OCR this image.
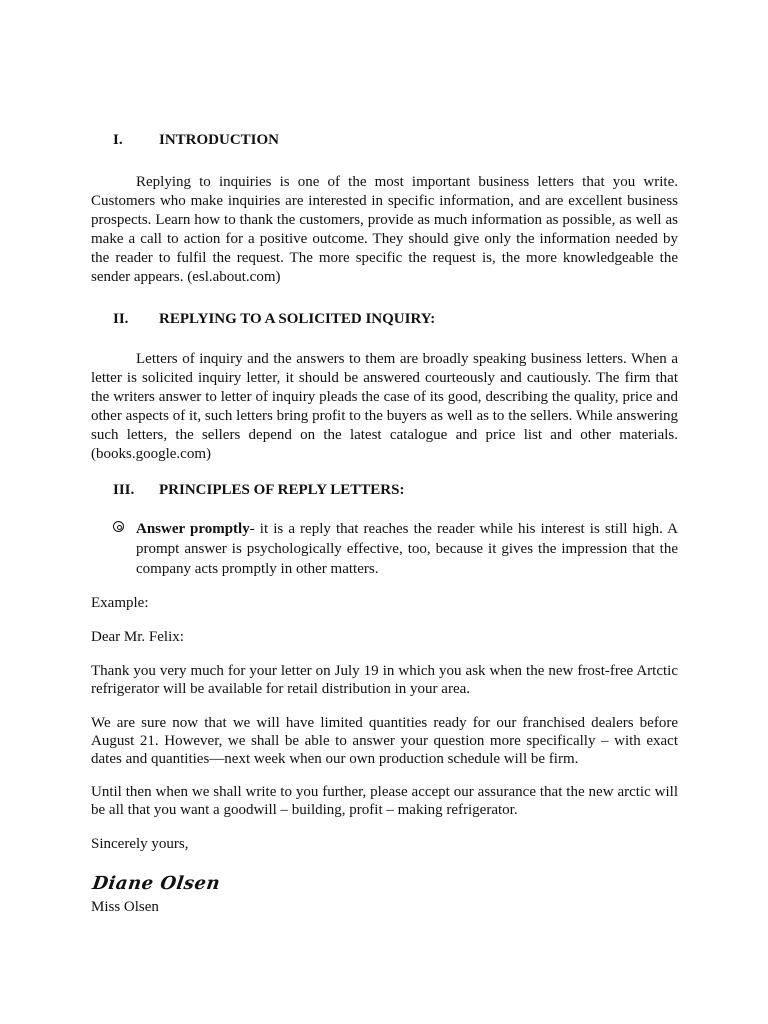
I. INTRODUCTION

Replying to inquiries is one of the most important business letters that you write. Customers who make inquiries are interested in specific information, and are excellent business prospects. Learn how to thank the customers, provide as much information as possible, as well as make a call to action for a positive outcome. They should give only the information needed by the reader to fulfil the request. The more specific the request is, the more knowledgeable the sender appears. (esl.about.com)

II. REPLYING TO A SOLICITED INQUIRY:

Letters of inquiry and the answers to them are broadly speaking business letters. When a letter is solicited inquiry letter, it should be answered courteously and cautiously. The firm that the writers answer to letter of inquiry pleads the case of its good, describing the quality, price and other aspects of it, such letters bring profit to the buyers as well as to the sellers. While answering such letters, the sellers depend on the latest catalogue and price list and other materials. (books.google.com)

III. PRINCIPLES OF REPLY LETTERS:

Answer promptly- it is a reply that reaches the reader while his interest is still high. A prompt answer is psychologically effective, too, because it gives the impression that the company acts promptly in other matters.

Example:

Dear Mr. Felix:

Thank you very much for your letter on July 19 in which you ask when the new frost-free Artctic refrigerator will be available for retail distribution in your area.

We are sure now that we will have limited quantities ready for our franchised dealers before August 21. However, we shall be able to answer your question more specifically – with exact dates and quantities—next week when our own production schedule will be firm.

Until then when we shall write to you further, please accept our assurance that the new arctic will be all that you want a goodwill – building, profit – making refrigerator.

Sincerely yours,

Diane Olsen

Miss Olsen
